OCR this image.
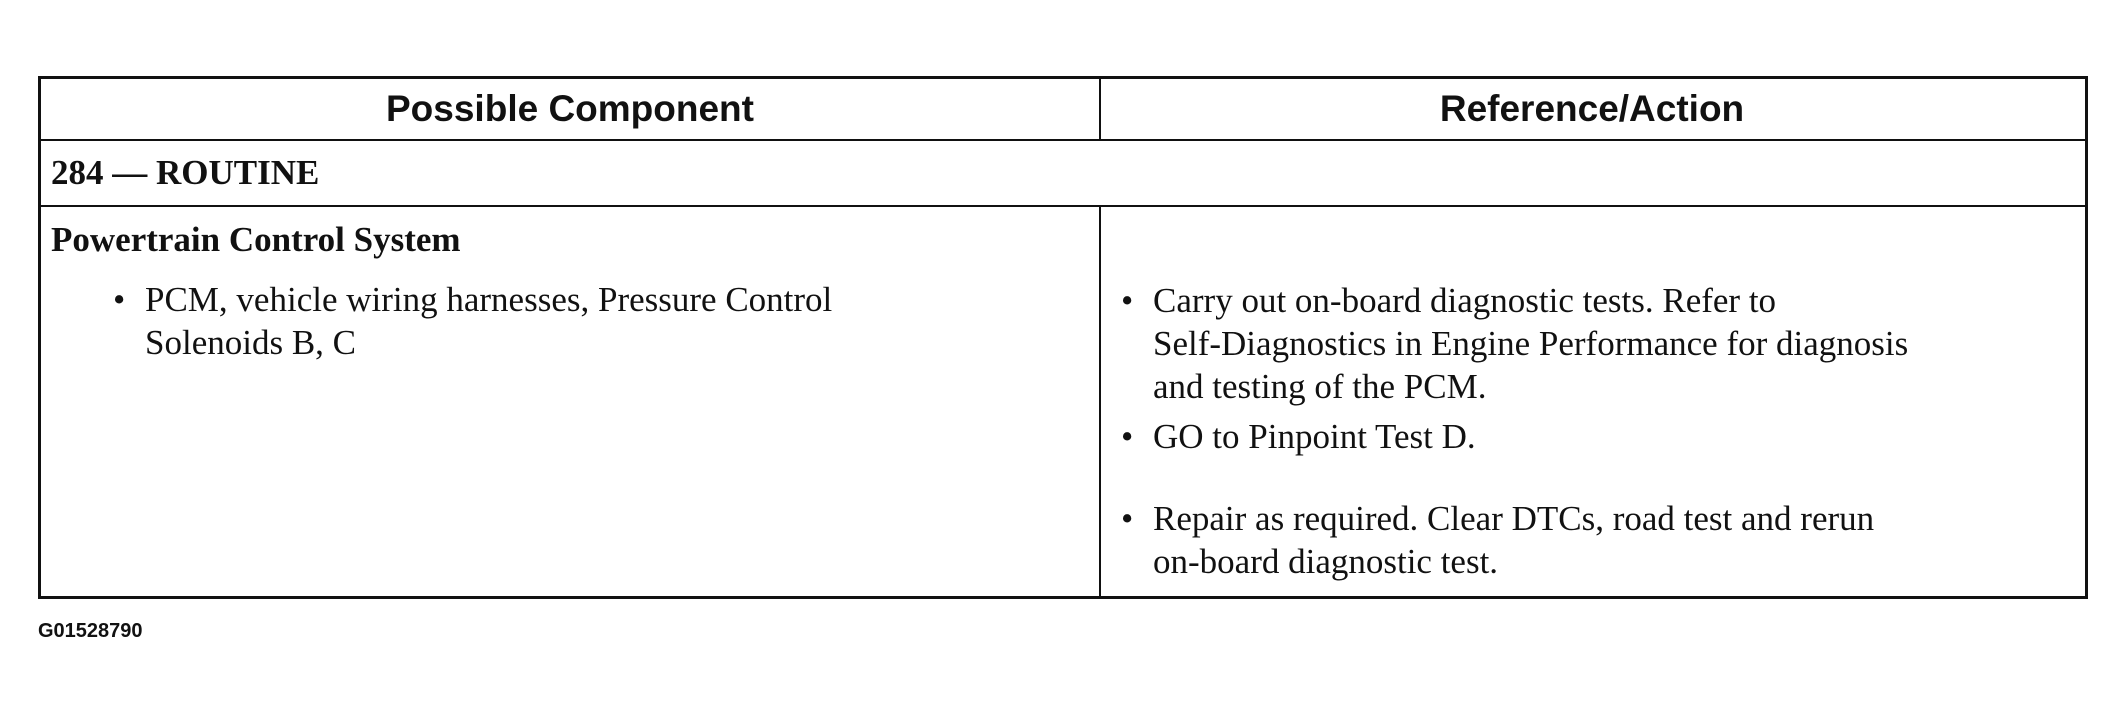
Possible Component	Reference/Action
284 — ROUTINE
Powertrain Control System
• PCM, vehicle wiring harnesses, Pressure Control
Solenoids B, C
• Carry out on-board diagnostic tests. Refer to
Self-Diagnostics in Engine Performance for diagnosis
and testing of the PCM.
• GO to Pinpoint Test D.
• Repair as required. Clear DTCs, road test and rerun
on-board diagnostic test.
G01528790
